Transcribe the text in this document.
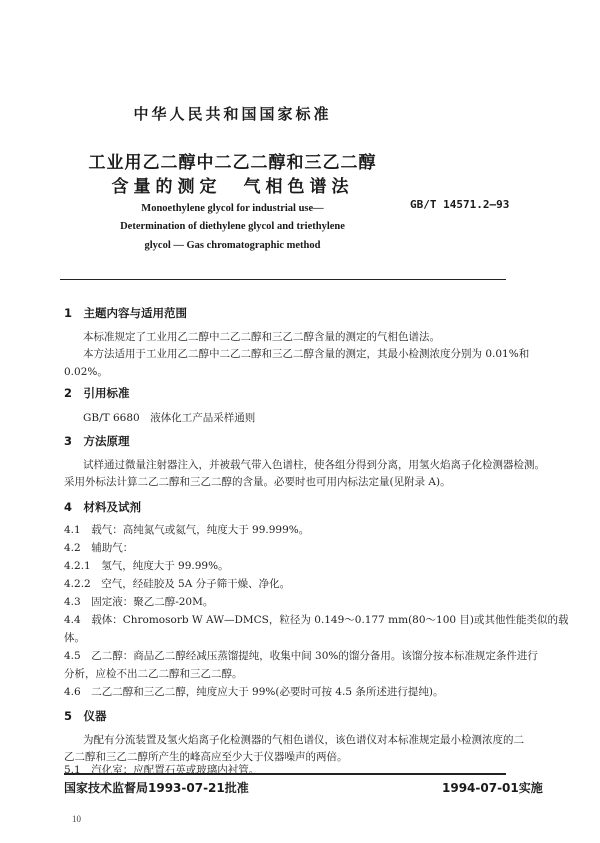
中华人民共和国国家标准
工业用乙二醇中二乙二醇和三乙二醇
含量的测定　气相色谱法
GB/T 14571.2—93
Monoethylene glycol for industrial use—
Determination of diethylene glycol and triethylene
glycol — Gas chromatographic method
1　主题内容与适用范围
本标准规定了工业用乙二醇中二乙二醇和三乙二醇含量的测定的气相色谱法。
本方法适用于工业用乙二醇中二乙二醇和三乙二醇含量的测定，其最小检测浓度分别为 0.01%和
0.02%。
2　引用标准
GB/T 6680　液体化工产品采样通则
3　方法原理
试样通过微量注射器注入，并被载气带入色谱柱，使各组分得到分离，用氢火焰离子化检测器检测。
采用外标法计算二乙二醇和三乙二醇的含量。必要时也可用内标法定量(见附录 A)。
4　材料及试剂
4.1　载气：高纯氮气或氦气，纯度大于 99.999%。
4.2　辅助气：
4.2.1　氢气，纯度大于 99.99%。
4.2.2　空气，经硅胶及 5A 分子筛干燥、净化。
4.3　固定液：聚乙二醇-20M。
4.4　载体：Chromosorb W AW—DMCS，粒径为 0.149～0.177 mm(80～100 目)或其他性能类似的载
体。
4.5　乙二醇：商品乙二醇经减压蒸馏提纯，收集中间 30%的馏分备用。该馏分按本标准规定条件进行
分析，应检不出二乙二醇和三乙二醇。
4.6　二乙二醇和三乙二醇，纯度应大于 99%(必要时可按 4.5 条所述进行提纯)。
5　仪器
为配有分流装置及氢火焰离子化检测器的气相色谱仪，该色谱仪对本标准规定最小检测浓度的二
乙二醇和三乙二醇所产生的峰高应至少大于仪器噪声的两倍。
5.1　汽化室：应配置石英或玻璃内衬管。
国家技术监督局1993-07-21批准	1994-07-01实施
10
